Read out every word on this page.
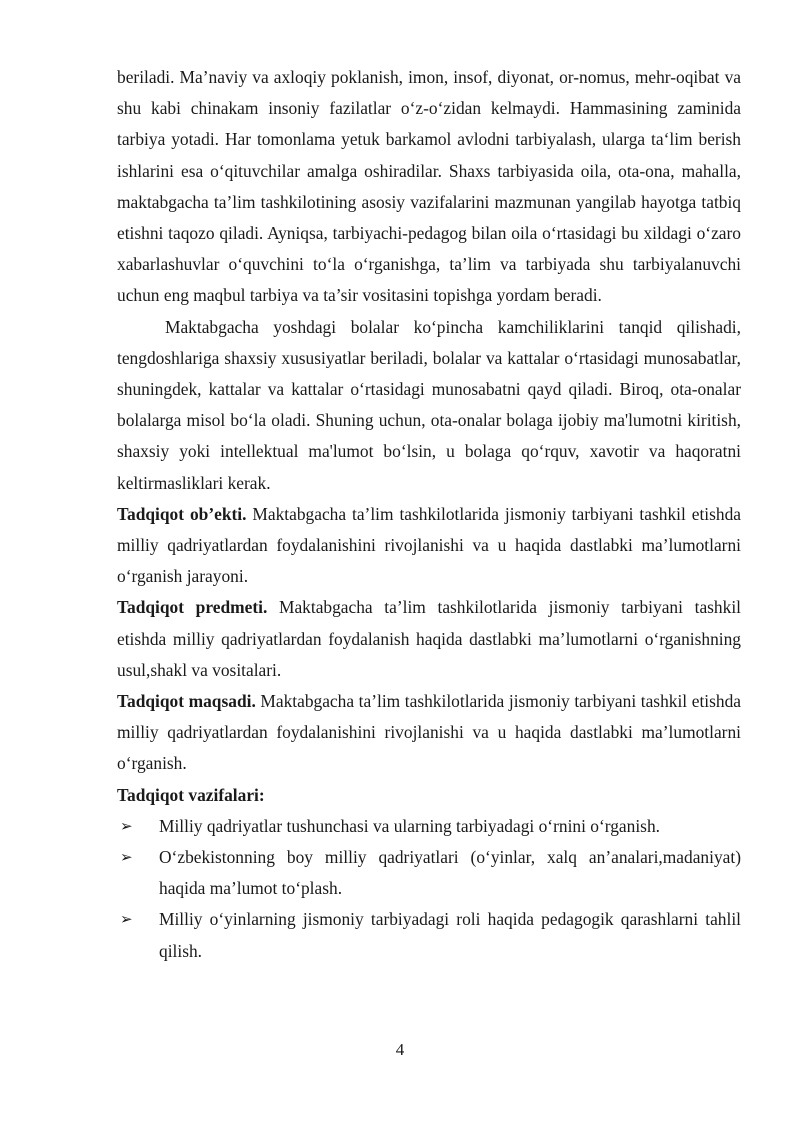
beriladi. Ma’naviy va axloqiy poklanish, imon, insof, diyonat, or-nomus, mehr-oqibat va shu kabi chinakam insoniy fazilatlar o‘z-o‘zidan kelmaydi. Hammasining zaminida tarbiya yotadi. Har tomonlama yetuk barkamol avlodni tarbiyalash, ularga ta‘lim berish ishlarini esa o‘qituvchilar amalga oshiradilar. Shaxs tarbiyasida oila, ota-ona, mahalla, maktabgacha ta’lim tashkilotining asosiy vazifalarini mazmunan yangilab hayotga tatbiq etishni taqozo qiladi. Ayniqsa, tarbiyachi-pedagog bilan oila o‘rtasidagi bu xildagi o‘zaro xabarlashuvlar o‘quvchini to‘la o‘rganishga, ta’lim va tarbiyada shu tarbiyalanuvchi uchun eng maqbul tarbiya va ta’sir vositasini topishga yordam beradi.

Maktabgacha yoshdagi bolalar ko‘pincha kamchiliklarini tanqid qilishadi, tengdoshlariga shaxsiy xususiyatlar beriladi, bolalar va kattalar o‘rtasidagi munosabatlar, shuningdek, kattalar va kattalar o‘rtasidagi munosabatni qayd qiladi. Biroq, ota-onalar bolalarga misol bo‘la oladi. Shuning uchun, ota-onalar bolaga ijobiy ma'lumotni kiritish, shaxsiy yoki intellektual ma'lumot bo‘lsin, u bolaga qo‘rquv, xavotir va haqoratni keltirmasliklari kerak.

Tadqiqot ob’ekti. Maktabgacha ta’lim tashkilotlarida jismoniy tarbiyani tashkil etishda milliy qadriyatlardan foydalanishini rivojlanishi va u haqida dastlabki ma’lumotlarni o‘rganish jarayoni.

Tadqiqot predmeti. Maktabgacha ta’lim tashkilotlarida jismoniy tarbiyani tashkil etishda milliy qadriyatlardan foydalanish haqida dastlabki ma’lumotlarni o‘rganishning usul,shakl va vositalari.

Tadqiqot maqsadi. Maktabgacha ta’lim tashkilotlarida jismoniy tarbiyani tashkil etishda milliy qadriyatlardan foydalanishini rivojlanishi va u haqida dastlabki ma’lumotlarni o‘rganish.

Tadqiqot vazifalari:

➢ Milliy qadriyatlar tushunchasi va ularning tarbiyadagi o‘rnini o‘rganish.
➢ O‘zbekistonning boy milliy qadriyatlari (o‘yinlar, xalq an’analari,madaniyat) haqida ma’lumot to‘plash.
➢ Milliy o‘yinlarning jismoniy tarbiyadagi roli haqida pedagogik qarashlarni tahlil qilish.
4
